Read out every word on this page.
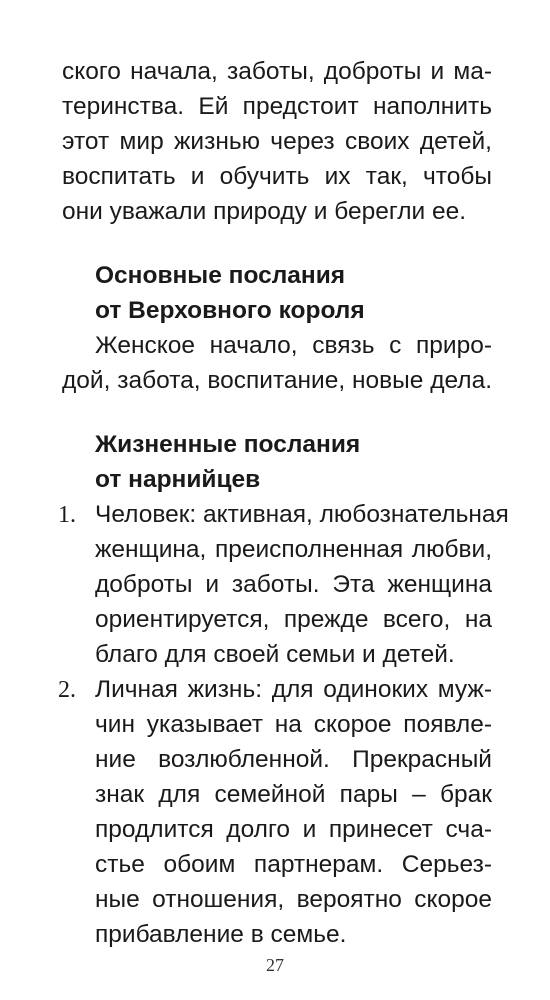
ского начала, заботы, доброты и ма-
теринства. Ей предстоит наполнить
этот мир жизнью через своих детей,
воспитать и обучить их так, чтобы
они уважали природу и берегли ее.
Основные послания
от Верховного короля
Женское начало, связь с приро-
дой, забота, воспитание, новые дела.
Жизненные послания
от нарнийцев
1. Человек: активная, любознательная
женщина, преисполненная любви,
доброты и заботы. Эта женщина
ориентируется, прежде всего, на
благо для своей семьи и детей.
2. Личная жизнь: для одиноких муж-
чин указывает на скорое появле-
ние возлюбленной. Прекрасный
знак для семейной пары – брак
продлится долго и принесет сча-
стье обоим партнерам. Серьез-
ные отношения, вероятно скорое
прибавление в семье.
27
